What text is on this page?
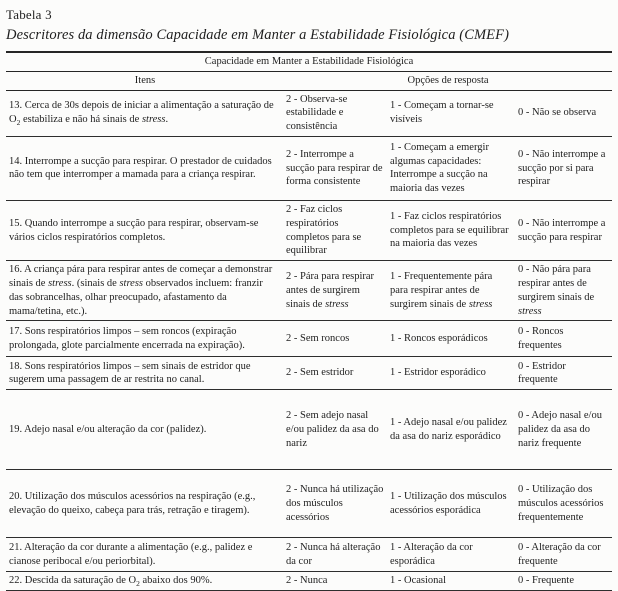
Tabela 3
Descritores da dimensão Capacidade em Manter a Estabilidade Fisiológica (CMEF)
Capacidade em Manter a Estabilidade Fisiológica			
Itens	Opções de resposta		
13. Cerca de 30s depois de iniciar a alimentação a saturação de $O_2$ estabiliza e não há sinais de stress.	2 - Observa-se estabilidade e consistência	1 - Começam a tornar-se visíveis	0 - Não se observa
14. Interrompe a sucção para respirar. O prestador de cuidados não tem que interromper a mamada para a criança respirar.	2 - Interrompe a sucção para respirar de forma consistente	1 - Começam a emergir algumas capacidades: Interrompe a sucção na maioria das vezes	0 - Não interrompe a sucção por si para respirar
15. Quando interrompe a sucção para respirar, observam-se vários ciclos respiratórios completos.	2 - Faz ciclos respiratórios completos para se equilibrar	1 - Faz ciclos respiratórios completos para se equilibrar na maioria das vezes	0 - Não interrompe a sucção para respirar
16. A criança pára para respirar antes de começar a demonstrar sinais de stress. (sinais de stress observados incluem: franzir das sobrancelhas, olhar preocupado, afastamento da mama/tetina, etc.).	2 - Pára para respirar antes de surgirem sinais de stress	1 - Frequentemente pára para respirar antes de surgirem sinais de stress	0 - Não pára para respirar antes de surgirem sinais de stress
17. Sons respiratórios limpos – sem roncos (expiração prolongada, glote parcialmente encerrada na expiração).	2 - Sem roncos	1 - Roncos esporádicos	0 - Roncos frequentes
18. Sons respiratórios limpos – sem sinais de estridor que sugerem uma passagem de ar restrita no canal.	2 - Sem estridor	1 - Estridor esporádico	0 - Estridor frequente
19. Adejo nasal e/ou alteração da cor (palidez).	2 - Sem adejo nasal e/ou palidez da asa do nariz	1 - Adejo nasal e/ou palidez da asa do nariz esporádico	0 - Adejo nasal e/ou palidez da asa do nariz frequente
20. Utilização dos músculos acessórios na respiração (e.g., elevação do queixo, cabeça para trás, retração e tiragem).	2 - Nunca há utilização dos músculos acessórios	1 - Utilização dos músculos acessórios esporádica	0 - Utilização dos músculos acessórios frequentemente
21. Alteração da cor durante a alimentação (e.g., palidez e cianose peribocal e/ou periorbital).	2 - Nunca há alteração da cor	1 - Alteração da cor esporádica	0 - Alteração da cor frequente
22. Descida da saturação de $O_2$ abaixo dos 90%.	2 - Nunca	1 - Ocasional	0 - Frequente
